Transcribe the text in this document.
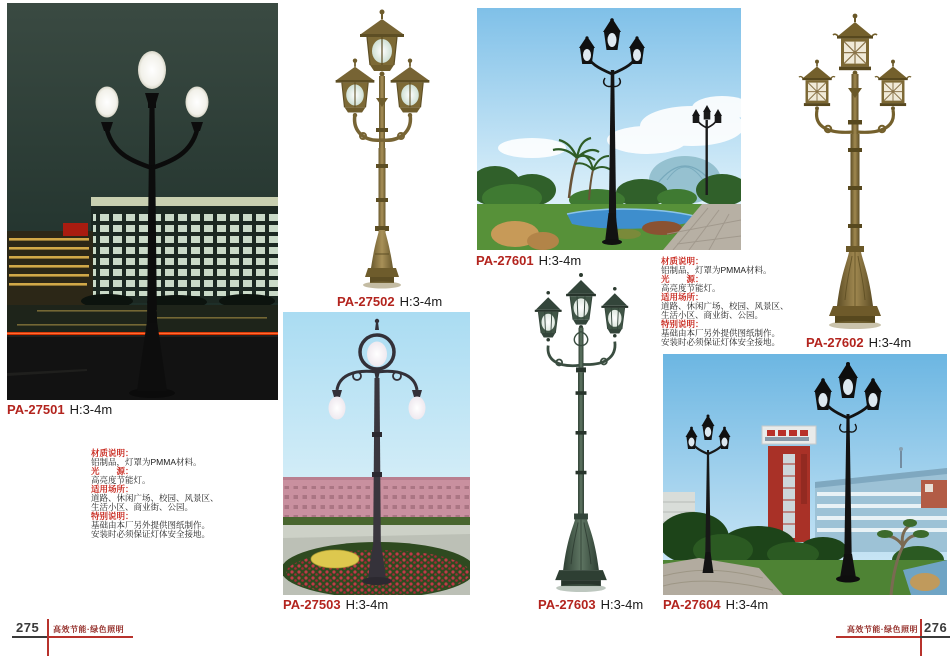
PA-27501 H:3-4m
PA-27502 H:3-4m
PA-27503 H:3-4m
PA-27601 H:3-4m
PA-27602 H:3-4m
PA-27603 H:3-4m PA-27604 H:3-4m
材质说明：
铝制品，灯罩为PMMA材料。
光　　源：
高亮度节能灯。
适用场所：
道路、休闲广场、校园、风景区、
生活小区、商业街、公园。
特别说明：
基础由本厂另外提供图纸制作。
安装时必须保证灯体安全接地。
材质说明：
铝制品，灯罩为PMMA材料。
光　　源：
高亮度节能灯。
适用场所：
道路、休闲广场、校园、风景区、
生活小区、商业街、公园。
特别说明：
基础由本厂另外提供图纸制作。
安装时必须保证灯体安全接地。
275 高效节能·绿色照明	高效节能·绿色照明 276
